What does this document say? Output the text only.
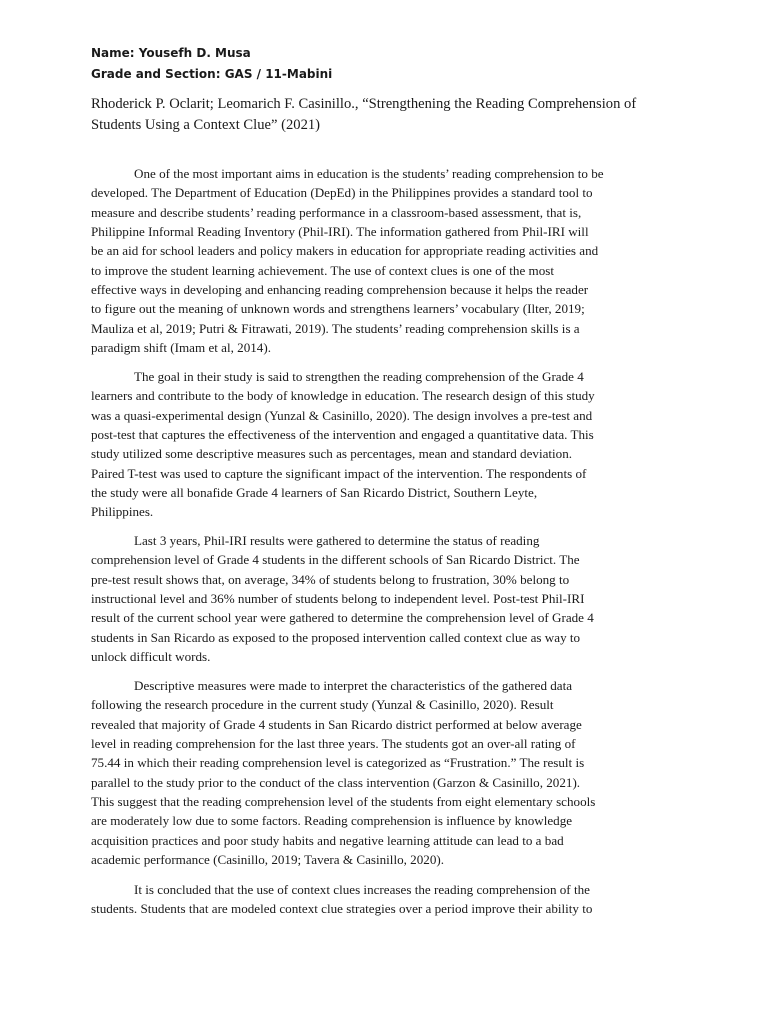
Name: Yousefh D. Musa
Grade and Section: GAS / 11-Mabini
Rhoderick P. Oclarit; Leomarich F. Casinillo., “Strengthening the Reading Comprehension of
Students Using a Context Clue” (2021)
One of the most important aims in education is the students’ reading comprehension to be
developed. The Department of Education (DepEd) in the Philippines provides a standard tool to
measure and describe students’ reading performance in a classroom-based assessment, that is,
Philippine Informal Reading Inventory (Phil-IRI). The information gathered from Phil-IRI will
be an aid for school leaders and policy makers in education for appropriate reading activities and
to improve the student learning achievement. The use of context clues is one of the most
effective ways in developing and enhancing reading comprehension because it helps the reader
to figure out the meaning of unknown words and strengthens learners’ vocabulary (Ilter, 2019;
Mauliza et al, 2019; Putri & Fitrawati, 2019). The students’ reading comprehension skills is a
paradigm shift (Imam et al, 2014).
The goal in their study is said to strengthen the reading comprehension of the Grade 4
learners and contribute to the body of knowledge in education. The research design of this study
was a quasi-experimental design (Yunzal & Casinillo, 2020). The design involves a pre-test and
post-test that captures the effectiveness of the intervention and engaged a quantitative data. This
study utilized some descriptive measures such as percentages, mean and standard deviation.
Paired T-test was used to capture the significant impact of the intervention. The respondents of
the study were all bonafide Grade 4 learners of San Ricardo District, Southern Leyte,
Philippines.
Last 3 years, Phil-IRI results were gathered to determine the status of reading
comprehension level of Grade 4 students in the different schools of San Ricardo District. The
pre-test result shows that, on average, 34% of students belong to frustration, 30% belong to
instructional level and 36% number of students belong to independent level. Post-test Phil-IRI
result of the current school year were gathered to determine the comprehension level of Grade 4
students in San Ricardo as exposed to the proposed intervention called context clue as way to
unlock difficult words.
Descriptive measures were made to interpret the characteristics of the gathered data
following the research procedure in the current study (Yunzal & Casinillo, 2020). Result
revealed that majority of Grade 4 students in San Ricardo district performed at below average
level in reading comprehension for the last three years. The students got an over-all rating of
75.44 in which their reading comprehension level is categorized as “Frustration.” The result is
parallel to the study prior to the conduct of the class intervention (Garzon & Casinillo, 2021).
This suggest that the reading comprehension level of the students from eight elementary schools
are moderately low due to some factors. Reading comprehension is influence by knowledge
acquisition practices and poor study habits and negative learning attitude can lead to a bad
academic performance (Casinillo, 2019; Tavera & Casinillo, 2020).
It is concluded that the use of context clues increases the reading comprehension of the
students. Students that are modeled context clue strategies over a period improve their ability to
